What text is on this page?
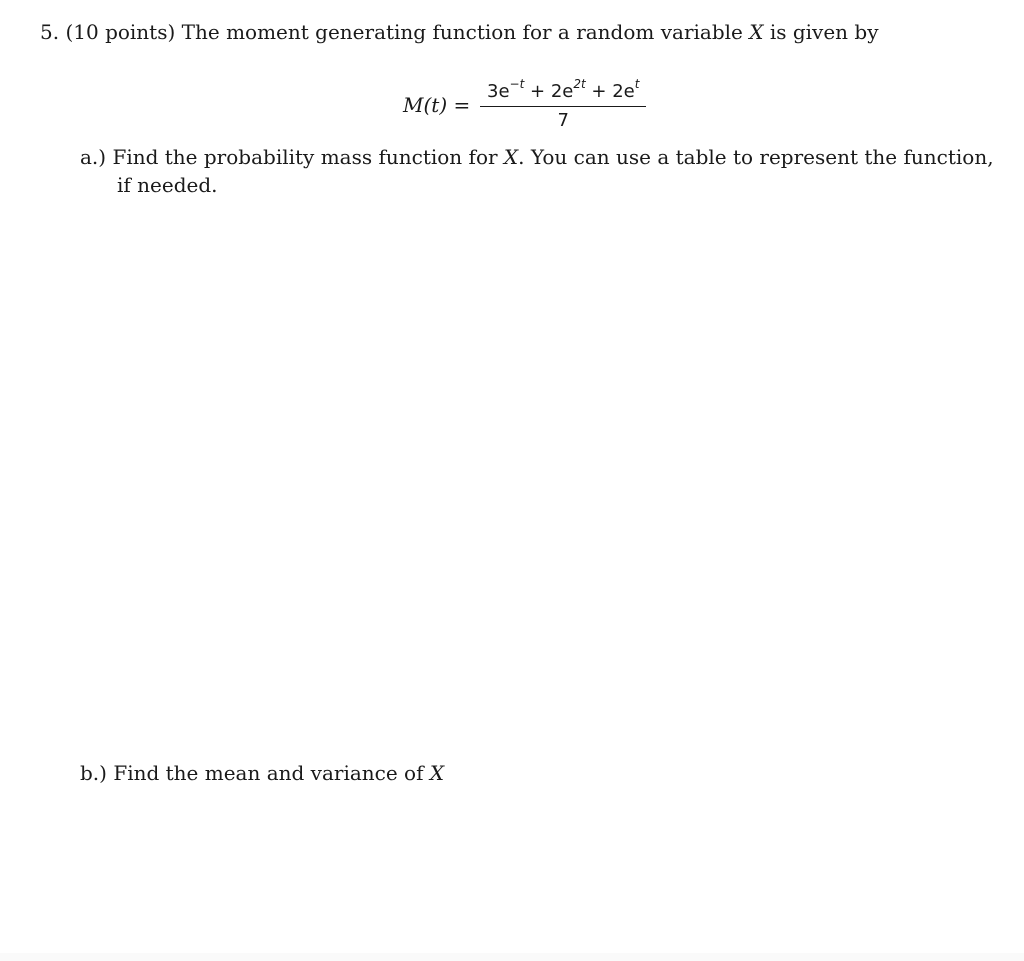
5. (10 points) The moment generating function for a random variable X is given by
$M(t) = \frac{3e^{-t} + 2e^{2t} + 2e^t}{7}$
a.) Find the probability mass function for X. You can use a table to represent the function,
if needed.
b.) Find the mean and variance of X
